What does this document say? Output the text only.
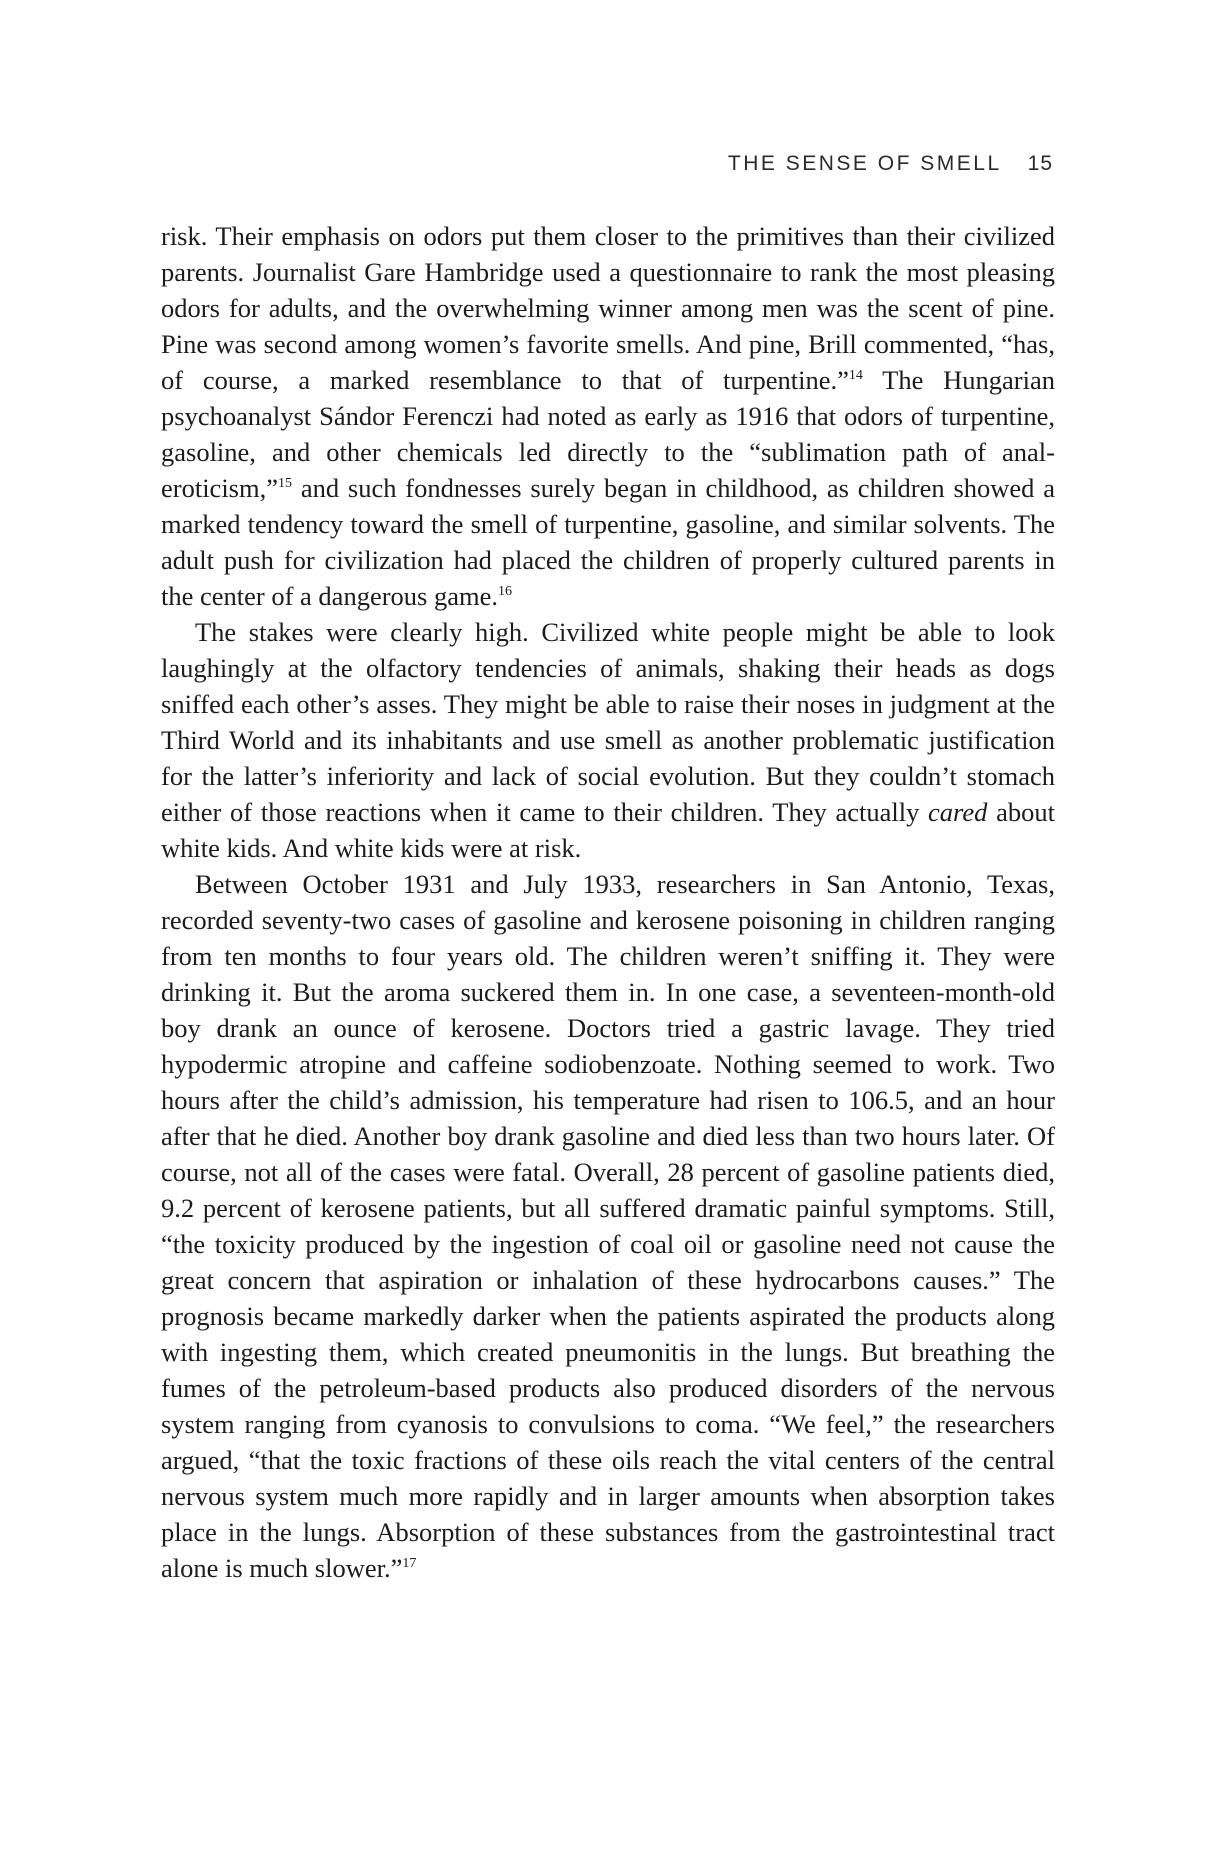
THE SENSE OF SMELL 15

risk. Their emphasis on odors put them closer to the primitives than their civilized parents. Journalist Gare Hambridge used a questionnaire to rank the most pleasing odors for adults, and the overwhelming winner among men was the scent of pine. Pine was second among women’s favorite smells. And pine, Brill commented, “has, of course, a marked resemblance to that of turpentine.”$^{14}$ The Hungarian psychoanalyst Sándor Ferenczi had noted as early as 1916 that odors of turpentine, gasoline, and other chemicals led directly to the “sublimation path of anal-eroticism,”$^{15}$ and such fondnesses surely began in childhood, as children showed a marked tendency toward the smell of turpentine, gasoline, and similar solvents. The adult push for civilization had placed the children of properly cultured parents in the center of a dangerous game.$^{16}$

The stakes were clearly high. Civilized white people might be able to look laughingly at the olfactory tendencies of animals, shaking their heads as dogs sniffed each other’s asses. They might be able to raise their noses in judgment at the Third World and its inhabitants and use smell as another problematic justification for the latter’s inferiority and lack of social evolution. But they couldn’t stomach either of those reactions when it came to their children. They actually cared about white kids. And white kids were at risk.

Between October 1931 and July 1933, researchers in San Antonio, Texas, recorded seventy-two cases of gasoline and kerosene poisoning in children ranging from ten months to four years old. The children weren’t sniffing it. They were drinking it. But the aroma suckered them in. In one case, a seventeen-month-old boy drank an ounce of kerosene. Doctors tried a gastric lavage. They tried hypodermic atropine and caffeine sodiobenzoate. Nothing seemed to work. Two hours after the child’s admission, his temperature had risen to 106.5, and an hour after that he died. Another boy drank gasoline and died less than two hours later. Of course, not all of the cases were fatal. Overall, 28 percent of gasoline patients died, 9.2 percent of kerosene patients, but all suffered dramatic painful symptoms. Still, “the toxicity produced by the ingestion of coal oil or gasoline need not cause the great concern that aspiration or inhalation of these hydrocarbons causes.” The prognosis became markedly darker when the patients aspirated the products along with ingesting them, which created pneumonitis in the lungs. But breathing the fumes of the petroleum-based products also produced disorders of the nervous system ranging from cyanosis to convulsions to coma. “We feel,” the researchers argued, “that the toxic fractions of these oils reach the vital centers of the central nervous system much more rapidly and in larger amounts when absorption takes place in the lungs. Absorption of these substances from the gastrointestinal tract alone is much slower.”$^{17}$
